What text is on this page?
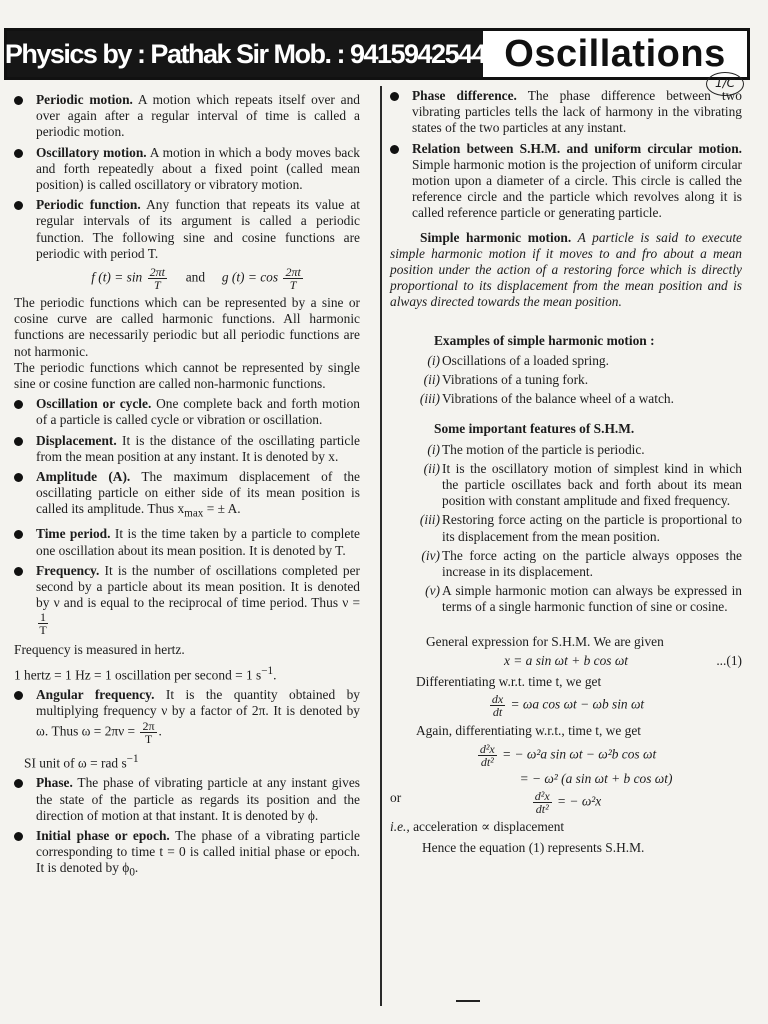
Physics by : Pathak Sir Mob. : 9415942544 Oscillations
1/C
Periodic motion. A motion which repeats itself over and over again after a regular interval of time is called a periodic motion.
Oscillatory motion. A motion in which a body moves back and forth repeatedly about a fixed point (called mean position) is called oscillatory or vibratory motion.
Periodic function. Any function that repeats its value at regular intervals of its argument is called a periodic function. The following sine and cosine functions are periodic with period T.
f $(t) = \sin \frac{2\pi t}{T}$ and g $(t) = \cos \frac{2\pi t}{T}$
The periodic functions which can be represented by a sine or cosine curve are called harmonic functions. All harmonic functions are necessarily periodic but all periodic functions are not harmonic.
The periodic functions which cannot be represented by single sine or cosine function are called non-harmonic functions.
Oscillation or cycle. One complete back and forth motion of a particle is called cycle or vibration or oscillation.
Displacement. It is the distance of the oscillating particle from the mean position at any instant. It is denoted by x.
Amplitude (A). The maximum displacement of the oscillating particle on either side of its mean position is called its amplitude. Thus $x_{max}$ = ± A.
Time period. It is the time taken by a particle to complete one oscillation about its mean position. It is denoted by T.
Frequency. It is the number of oscillations completed per second by a particle about its mean position. It is denoted by ν and is equal to the reciprocal of time period. Thus ν =
$\frac{1}{T}$
Frequency is measured in hertz.
1 hertz = 1 Hz = 1 oscillation per second = 1 $s^{-1}$.
Angular frequency. It is the quantity obtained by multiplying frequency ν by a factor of 2π. It is denoted by ω. Thus $\omega = 2\pi\nu = \frac{2\pi}{T}$ .
SI unit of ω = rad $s^{-1}$
Phase. The phase of vibrating particle at any instant gives the state of the particle as regards its position and the direction of motion at that instant. It is denoted by ϕ.
Initial phase or epoch. The phase of a vibrating particle corresponding to time t = 0 is called initial phase or epoch. It is denoted by $\phi_0$.
Phase difference. The phase difference between two vibrating particles tells the lack of harmony in the vibrating states of the two particles at any instant.
Relation between S.H.M. and uniform circular motion. Simple harmonic motion is the projection of uniform circular motion upon a diameter of a circle. This circle is called the reference circle and the particle which revolves along it is called reference particle or generating particle.
Simple harmonic motion. A particle is said to execute simple harmonic motion if it moves to and fro about a mean position under the action of a restoring force which is directly proportional to its displacement from the mean position and is always directed towards the mean position.
Examples of simple harmonic motion :
(i) Oscillations of a loaded spring.
(ii) Vibrations of a tuning fork.
(iii) Vibrations of the balance wheel of a watch.
Some important features of S.H.M.
(i) The motion of the particle is periodic.
(ii) It is the oscillatory motion of simplest kind in which the particle oscillates back and forth about its mean position with constant amplitude and fixed frequency.
(iii) Restoring force acting on the particle is proportional to its displacement from the mean position.
(iv) The force acting on the particle always opposes the increase in its displacement.
(v) A simple harmonic motion can always be expressed in terms of a single harmonic function of sine or cosine.
General expression for S.H.M. We are given
x = a sin ωt + b cos ωt	...(1)
Differentiating w.r.t. time t, we get
$\frac{dx}{dt} = \omega a$ cos ωt − ωb sin ωt
Again, differentiating w.r.t., time t, we get
$\frac{\text{d²x}}{\text{dt²}}$ = − ω²a sin ωt − ω²b cos ωt
= − ω² (a sin ωt + b cos ωt)
or	$\frac{\text{d²x}}{\text{dt²}}$ = − ω²x
i.e., acceleration ∝ displacement
Hence the equation (1) represents S.H.M.
